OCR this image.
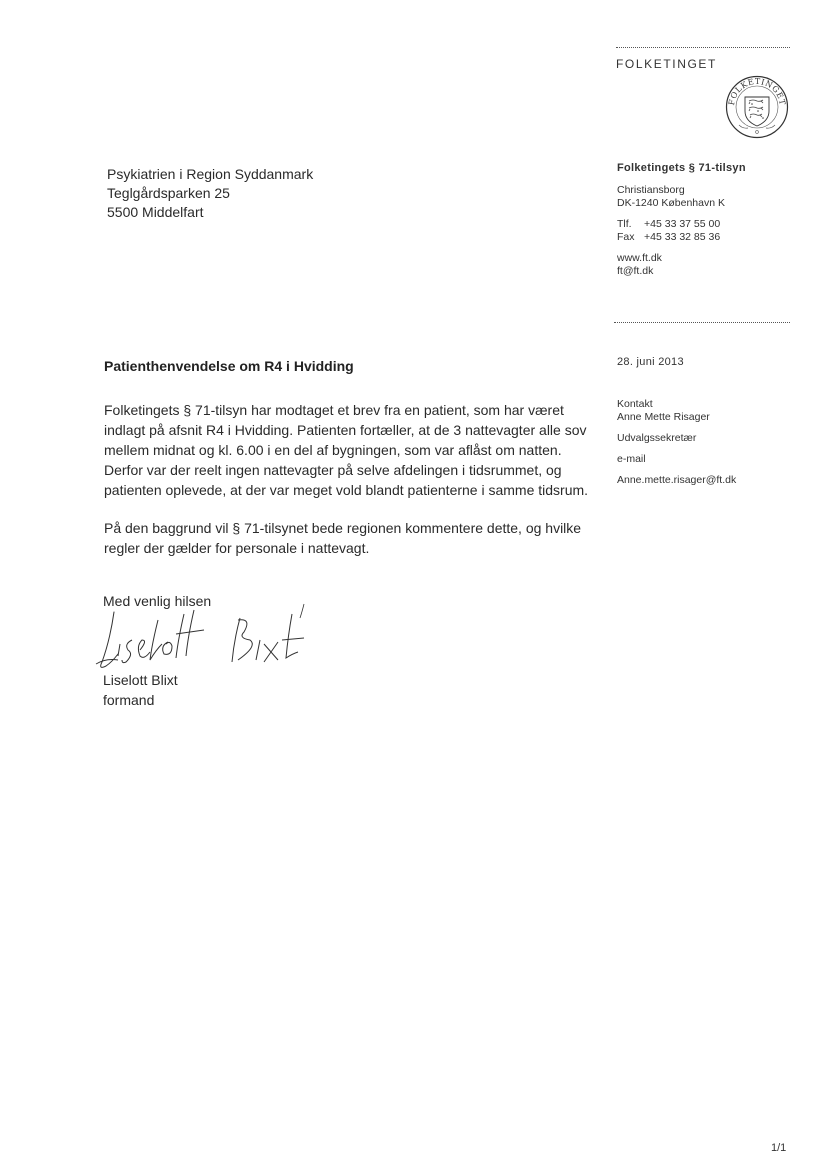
FOLKETINGET
FOLKETINGET
Psykiatrien i Region Syddanmark
Teglgårdsparken 25
5500 Middelfart
Folketingets § 71-tilsyn
Christiansborg
DK-1240 København K
Tlf.	+45 33 37 55 00
Fax +45 33 32 85 36
www.ft.dk
ft@ft.dk
28. juni 2013
Patienthenvendelse om R4 i Hvidding

Folketingets § 71-tilsyn har modtaget et brev fra en patient, som har været indlagt på afsnit R4 i Hvidding. Patienten fortæller, at de 3 nattevagter alle sov mellem midnat og kl. 6.00 i en del af bygningen, som var aflåst om natten. Derfor var der reelt ingen nattevagter på selve afdelingen i tidsrummet, og patienten oplevede, at der var meget vold blandt patienterne i samme tidsrum.

På den baggrund vil § 71-tilsynet bede regionen kommentere dette, og hvilke regler der gælder for personale i nattevagt.

Kontakt
Anne Mette Risager
Udvalgssekretær
e-mail
Anne.mette.risager@ft.dk
Med venlig hilsen
Liselott Blixt
formand
1/1
